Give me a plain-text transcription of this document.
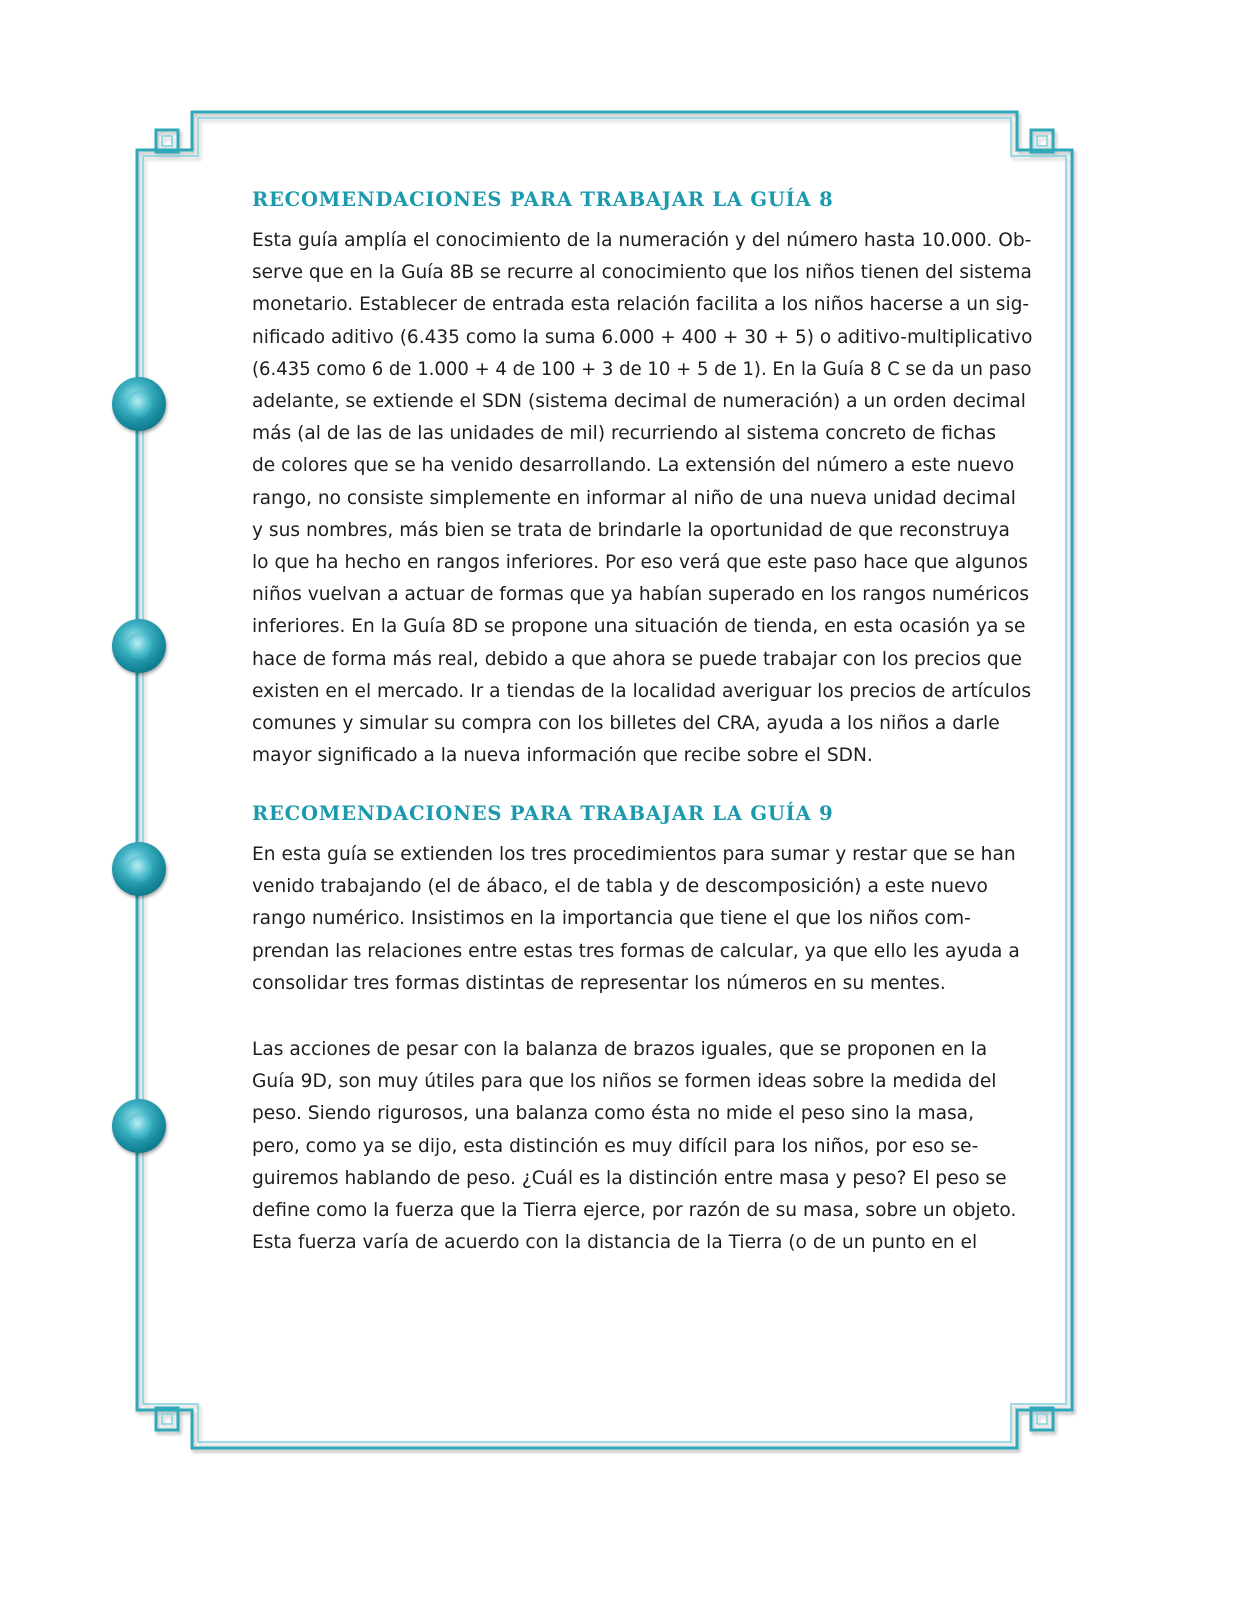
RECOMENDACIONES PARA TRABAJAR LA GUÍA 8

Esta guía amplía el conocimiento de la numeración y del número hasta 10.000. Ob-
serve que en la Guía 8B se recurre al conocimiento que los niños tienen del sistema
monetario. Establecer de entrada esta relación facilita a los niños hacerse a un sig-
nificado aditivo (6.435 como la suma 6.000 + 400 + 30 + 5) o aditivo-multiplicativo
(6.435 como 6 de 1.000 + 4 de 100 + 3 de 10 + 5 de 1). En la Guía 8 C se da un paso
adelante, se extiende el SDN (sistema decimal de numeración) a un orden decimal
más (al de las de las unidades de mil) recurriendo al sistema concreto de fichas
de colores que se ha venido desarrollando. La extensión del número a este nuevo
rango, no consiste simplemente en informar al niño de una nueva unidad decimal
y sus nombres, más bien se trata de brindarle la oportunidad de que reconstruya
lo que ha hecho en rangos inferiores. Por eso verá que este paso hace que algunos
niños vuelvan a actuar de formas que ya habían superado en los rangos numéricos
inferiores. En la Guía 8D se propone una situación de tienda, en esta ocasión ya se
hace de forma más real, debido a que ahora se puede trabajar con los precios que
existen en el mercado. Ir a tiendas de la localidad averiguar los precios de artículos
comunes y simular su compra con los billetes del CRA, ayuda a los niños a darle
mayor significado a la nueva información que recibe sobre el SDN.

RECOMENDACIONES PARA TRABAJAR LA GUÍA 9

En esta guía se extienden los tres procedimientos para sumar y restar que se han
venido trabajando (el de ábaco, el de tabla y de descomposición) a este nuevo
rango numérico. Insistimos en la importancia que tiene el que los niños com-
prendan las relaciones entre estas tres formas de calcular, ya que ello les ayuda a
consolidar tres formas distintas de representar los números en su mentes.

Las acciones de pesar con la balanza de brazos iguales, que se proponen en la
Guía 9D, son muy útiles para que los niños se formen ideas sobre la medida del
peso. Siendo rigurosos, una balanza como ésta no mide el peso sino la masa,
pero, como ya se dijo, esta distinción es muy difícil para los niños, por eso se-
guiremos hablando de peso. ¿Cuál es la distinción entre masa y peso? El peso se
define como la fuerza que la Tierra ejerce, por razón de su masa, sobre un objeto.
Esta fuerza varía de acuerdo con la distancia de la Tierra (o de un punto en el
